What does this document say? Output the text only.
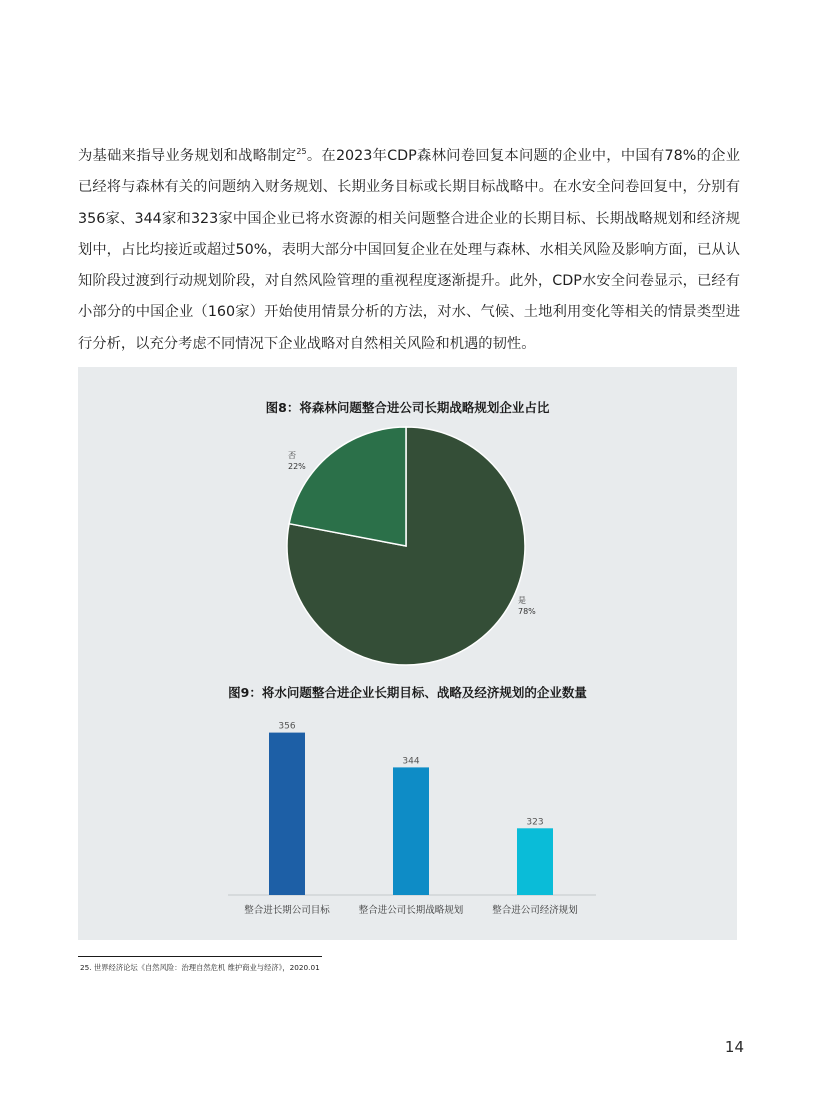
为基础来指导业务规划和战略制定$^{25}$。在2023年CDP森林问卷回复本问题的企业中，中国有78%的企业已经将与森林有关的问题纳入财务规划、长期业务目标或长期目标战略中。在水安全问卷回复中，分别有356家、344家和323家中国企业已将水资源的相关问题整合进企业的长期目标、长期战略规划和经济规划中，占比均接近或超过50%，表明大部分中国回复企业在处理与森林、水相关风险及影响方面，已从认知阶段过渡到行动规划阶段，对自然风险管理的重视程度逐渐提升。此外，CDP水安全问卷显示，已经有小部分的中国企业（160家）开始使用情景分析的方法，对水、气候、土地利用变化等相关的情景类型进行分析，以充分考虑不同情况下企业战略对自然相关风险和机遇的韧性。

图8：将森林问题整合进公司长期战略规划企业占比

图9：将水问题整合进企业长期目标、战略及经济规划的企业数量

是
78%
否
22%
356
整合进长期公司目标
344
整合进公司长期战略规划
323
整合进公司经济规划

25. 世界经济论坛《自然风险：治理自然危机 维护商业与经济》，2020.01

14
